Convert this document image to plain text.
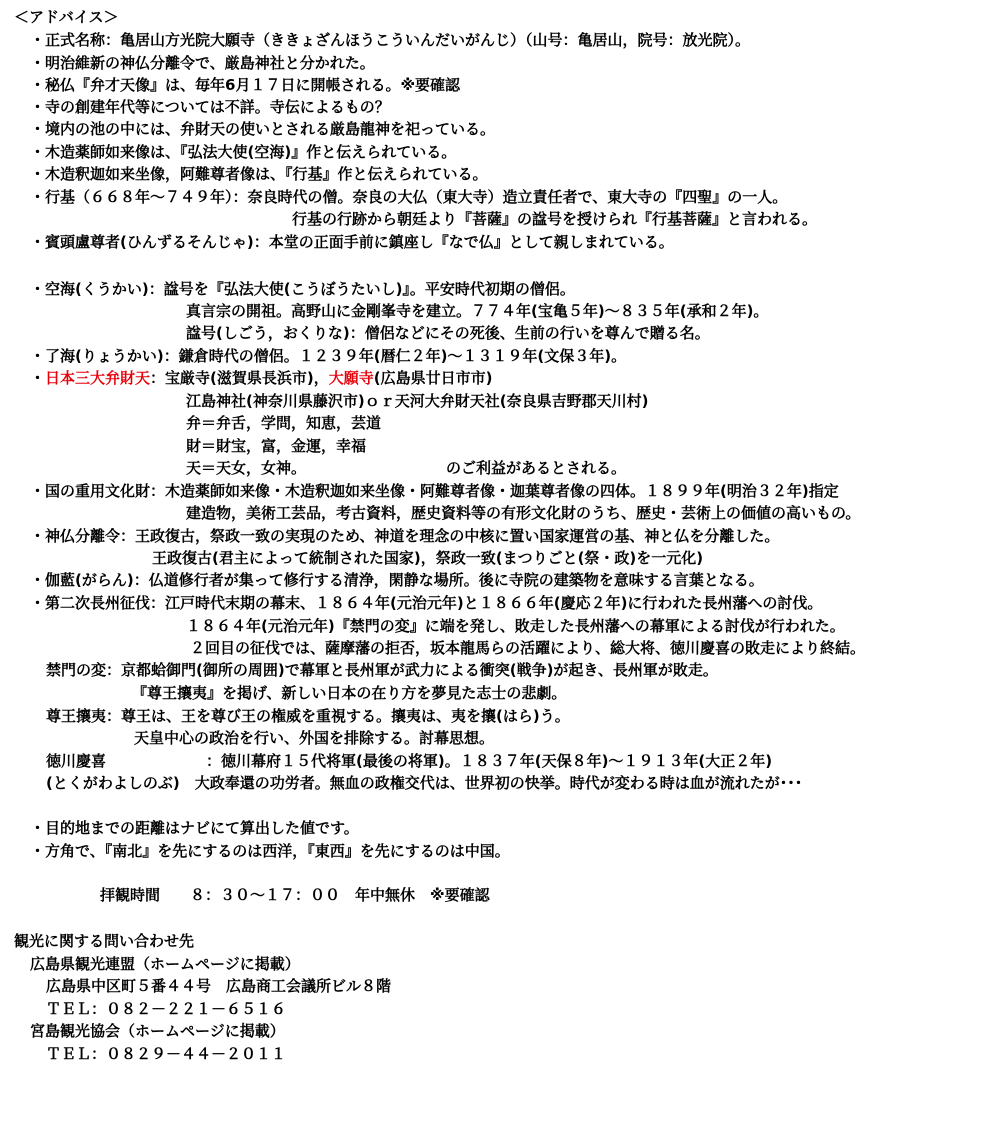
＜アドバイス＞
・正式名称：亀居山方光院大願寺（ききょざんほうこういんだいがんじ）（山号：亀居山，院号：放光院）。
・明治維新の神仏分離令で、厳島神社と分かれた。
・秘仏『弁才天像』は、毎年6月１７日に開帳される。※要確認
・寺の創建年代等については不詳。寺伝によるもの？
・境内の池の中には、弁財天の使いとされる厳島龍神を祀っている。
・木造薬師如来像は、『弘法大使(空海)』作と伝えられている。
・木造釈迦如来坐像，阿難尊者像は、『行基』作と伝えられている。
・行基（６６８年～７４９年）：奈良時代の僧。奈良の大仏（東大寺）造立責任者で、東大寺の『四聖』の一人。
行基の行跡から朝廷より『菩薩』の諡号を授けられ『行基菩薩』と言われる。
・賓頭盧尊者(ひんずるそんじゃ)：本堂の正面手前に鎮座し『なで仏』として親しまれている。
・空海(くうかい)：諡号を『弘法大使(こうぼうたいし)』。平安時代初期の僧侶。
真言宗の開祖。高野山に金剛峯寺を建立。７７４年(宝亀５年)～８３５年(承和２年)。
諡号(しごう，おくりな)：僧侶などにその死後、生前の行いを尊んで贈る名。
・了海(りょうかい)：鎌倉時代の僧侶。１２３９年(暦仁２年)～１３１９年(文保３年)。
・日本三大弁財天：宝厳寺(滋賀県長浜市)，大願寺(広島県廿日市市)
江島神社(神奈川県藤沢市)ｏｒ天河大弁財天社(奈良県吉野郡天川村)
弁＝弁舌，学問，知恵，芸道
財＝財宝，富，金運，幸福
天＝天女，女神。	のご利益があるとされる。
・国の重用文化財：木造薬師如来像・木造釈迦如来坐像・阿難尊者像・迦葉尊者像の四体。１８９９年(明治３２年)指定
建造物，美術工芸品，考古資料，歴史資料等の有形文化財のうち、歴史・芸術上の価値の高いもの。
・神仏分離令：王政復古，祭政一致の実現のため、神道を理念の中核に置い国家運営の基、神と仏を分離した。
王政復古(君主によって統制された国家)，祭政一致(まつりごと(祭・政)を一元化)
・伽藍(がらん)：仏道修行者が集って修行する清浄，閑静な場所。後に寺院の建築物を意味する言葉となる。
・第二次長州征伐：江戸時代末期の幕末、１８６４年(元治元年)と１８６６年(慶応２年)に行われた長州藩への討伐。
１８６４年(元治元年)『禁門の変』に端を発し、敗走した長州藩への幕軍による討伐が行われた。
２回目の征伐では、薩摩藩の拒否，坂本龍馬らの活躍により、総大将、徳川慶喜の敗走により終結。
禁門の変：京都蛤御門(御所の周囲)で幕軍と長州軍が武力による衝突(戦争)が起き、長州軍が敗走。
『尊王攘夷』を掲げ、新しい日本の在り方を夢見た志士の悲劇。
尊王攘夷：尊王は、王を尊び王の権威を重視する。攘夷は、夷を攘(はら)う。
天皇中心の政治を行い、外国を排除する。討幕思想。
徳川慶喜	：徳川幕府１５代将軍(最後の将軍)。１８３７年(天保８年)～１９１３年(大正２年)
(とくがわよしのぶ)　大政奉還の功労者。無血の政権交代は、世界初の快挙。時代が変わる時は血が流れたが･･･
・目的地までの距離はナビにて算出した値です。
・方角で、『南北』を先にするのは西洋，『東西』を先にするのは中国。
拝観時間　　８：３０～１７：００　年中無休　※要確認
観光に関する問い合わせ先
広島県観光連盟（ホームページに掲載）
広島県中区町５番４４号　広島商工会議所ビル８階
ＴＥＬ：０８２－２２１－６５１６
宮島観光協会（ホームページに掲載）
ＴＥＬ：０８２９－４４－２０１１
